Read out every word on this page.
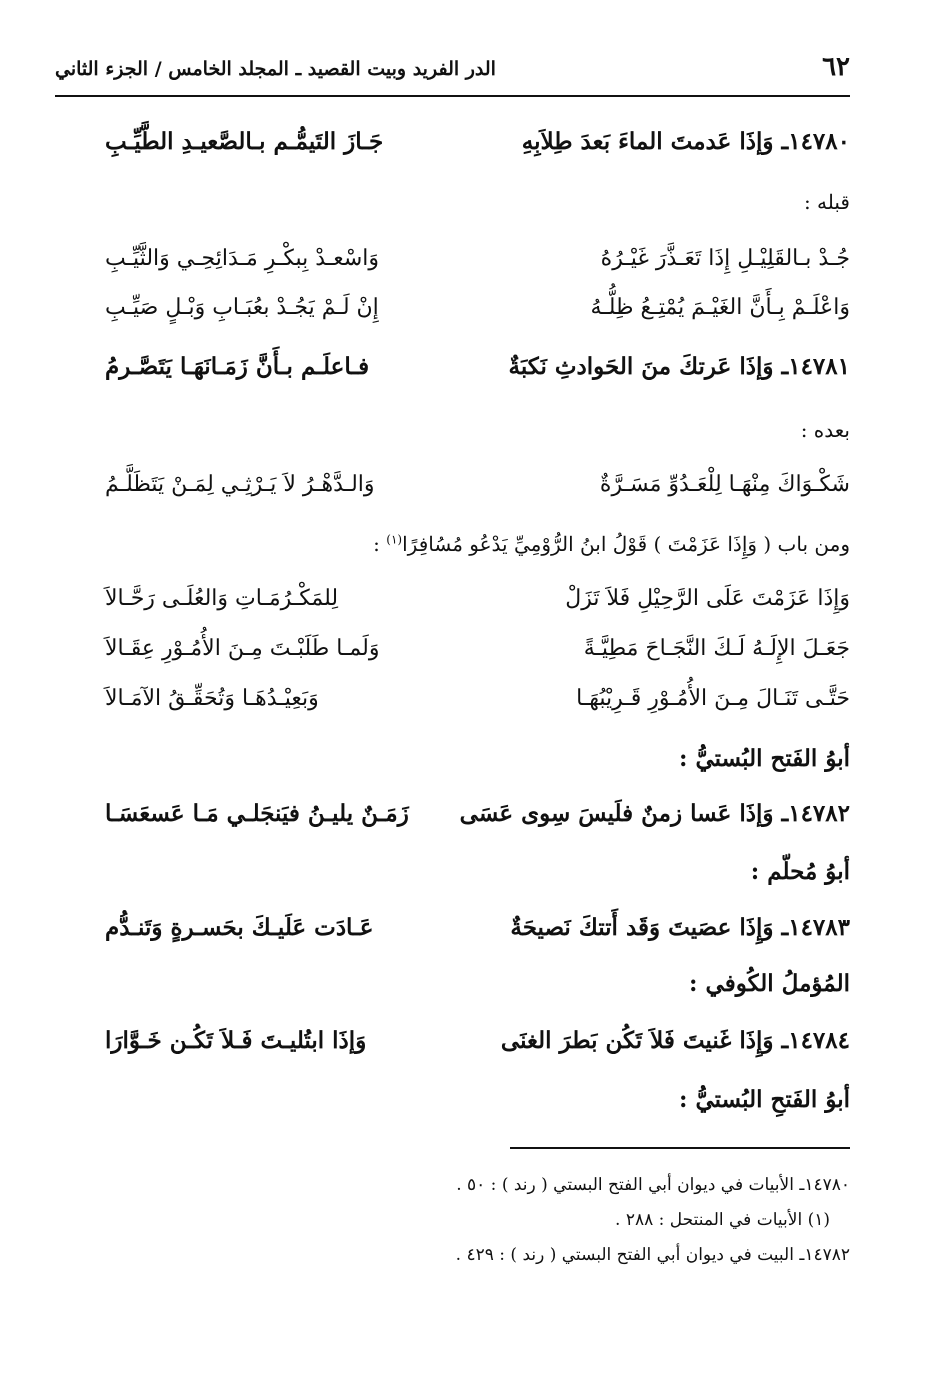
٦٢
الدر الفريد وبيت القصيد ـ المجلد الخامس / الجزء الثاني
١٤٧٨٠ـ وَإذَا عَدمتَ الماءَ بَعدَ طِلاَبِهِ
جَـازَ التَيمُّـم بـالصَّعيـدِ الطَّيِّـبِ
قبله :
جُـدْ بـالقَلِيْـلِ إِذَا تَعَـذَّرَ غَيْـرُهُ
وَاسْعـدْ بِبكْـرِ مَـدَائِحِـي وَالثَّيِّـبِ
وَاعْلَـمْ بِـأَنَّ الغَيْـمَ يُمْتِـعُ ظِلُّـهُ
إِنْ لَـمْ يَجُـدْ بعُبَـابِ وَبْـلٍ صَيِّـبِ
١٤٧٨١ـ وَإذَا عَرتكَ منَ الحَوادثِ نَكبَةٌ
فـاعلَـم بـأَنَّ زَمَـانَهَـا يَتَصَّـرمُ
بعده :
شَكْـوَاكَ مِنْهَـا لِلْعَـدُوِّ مَسَـرَّةٌ
وَالـدَّهْـرُ لاَ يَـرْثِـي لِمَـنْ يَتَظَلَّـمُ
ومن باب ( وَإِذَا عَزَمْتَ ) قَوْلُ ابنُ الرُّوْمِيِّ يَدْعُو مُسُافِرًا$^{(١)}$ :
وَإِذَا عَزَمْتَ عَلَى الرَّحِيْلِ فَلاَ تَزَلْ
لِلمَكْـرُمَـاتِ وَالعُلَـى رَحَّـالاَ
جَعَـلَ الإِلَـهُ لَـكَ النَّجَـاحَ مَطِيَّـةً
وَلَمـا طَلَبْـتَ مِـنَ الأُمُـوْرِ عِقَـالاَ
حَتَّـى تَنَـالَ مِـنَ الأُمُـوْرِ قَـرِيْبُهَـا
وَبَعِيْـدُهَـا وَتُحَقِّـقُ الآمَـالاَ
أبوُ الفَتح البُستيُّ :
١٤٧٨٢ـ وَإذَا عَسا زمنٌ فلَيسَ سِوى عَسَى
زَمَـنٌ يليـنُ فيَنجَلـي مَـا عَسعَسَـا
أبوُ مُحلّم :
١٤٧٨٣ـ وَإِذَا عصَيتَ وَقَد أَتتكَ نَصيحَةٌ
عَـادَت عَلَيـكَ بحَسـرةٍ وَتَنـدُّم
المُؤملُ الكُوفي :
١٤٧٨٤ـ وَإِذَا غَنيتَ فَلاَ تَكُن بَطرَ الغنَى
وَإذَا ابتُليـتَ فَـلاَ تَكُـن خَـوَّارَا
أبوُ الفَتحِ البُستيُّ :
١٤٧٨٠ـ الأبيات في ديوان أبي الفتح البستي ( رند ) : ٥٠ .
(١) الأبيات في المنتحل : ٢٨٨ .
١٤٧٨٢ـ البيت في ديوان أبي الفتح البستي ( رند ) : ٤٢٩ .
